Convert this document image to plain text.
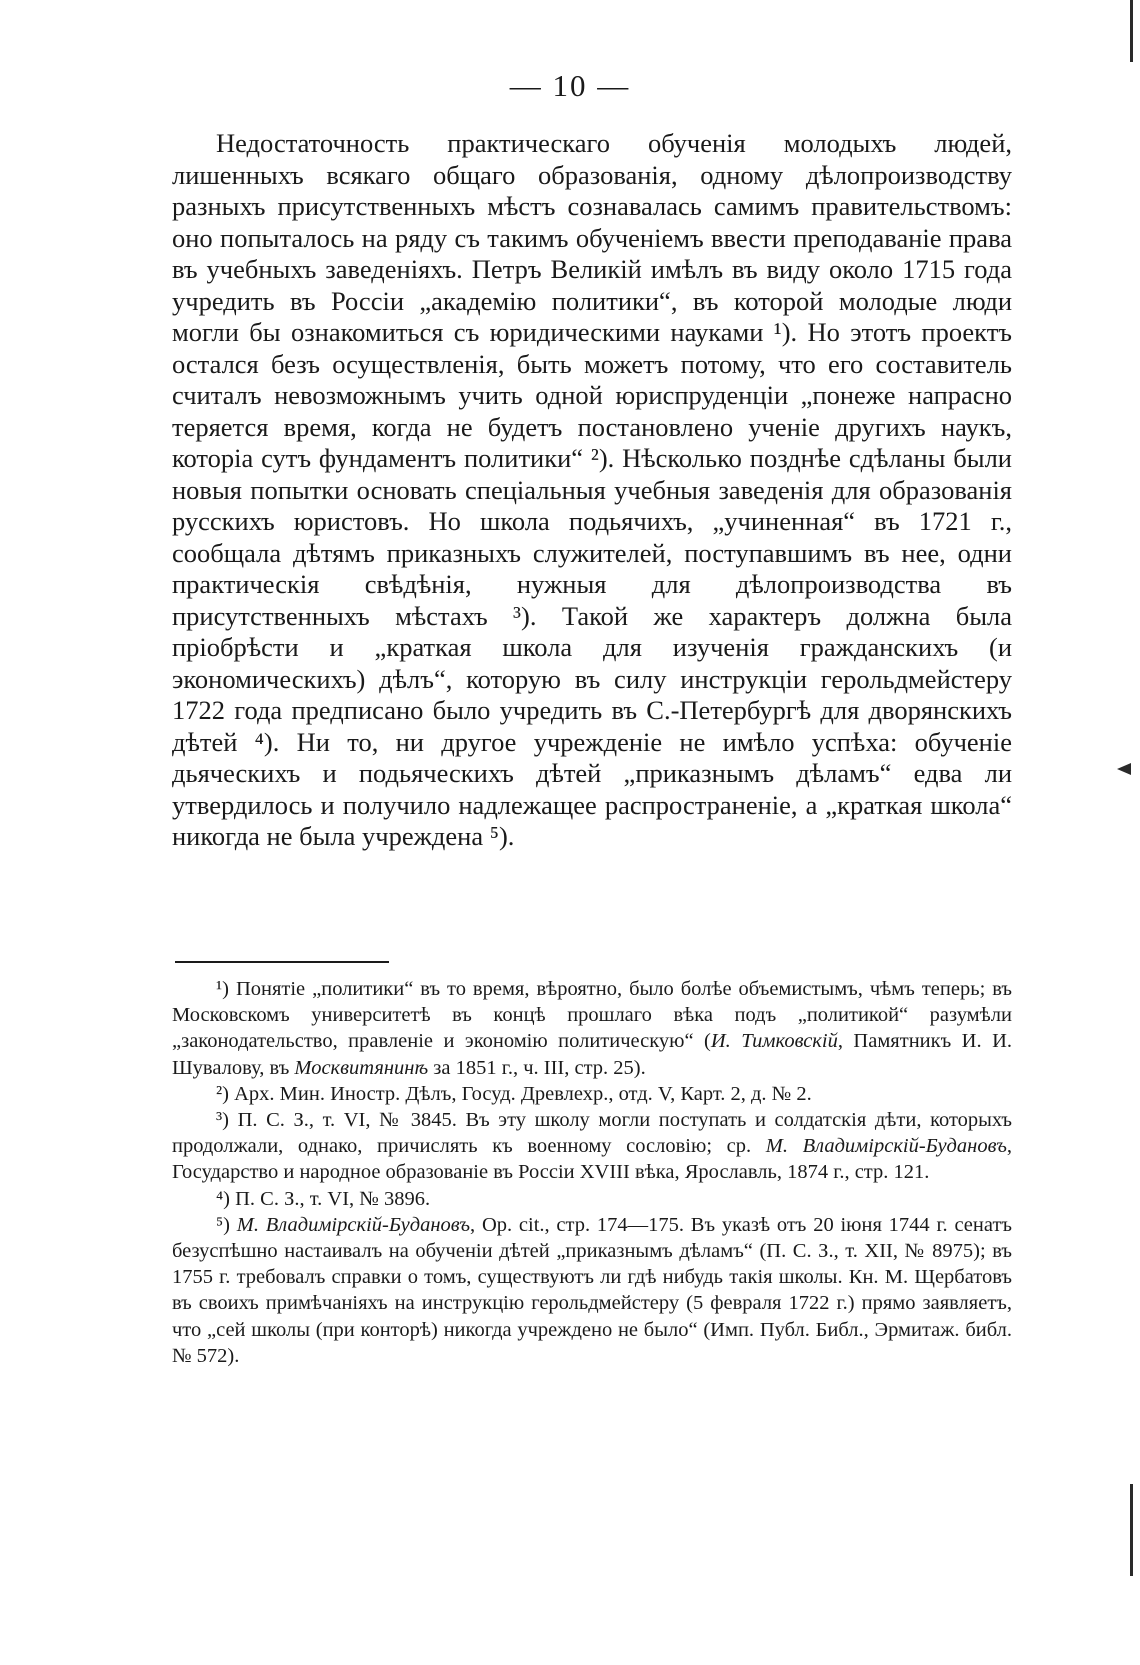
— 10 —

Недостаточность практическаго обученія молодыхъ людей, лишенныхъ всякаго общаго образованія, одному дѣлопроизводству разныхъ присутственныхъ мѣстъ сознавалась самимъ правительствомъ: оно попыталось на ряду съ такимъ обученіемъ ввести преподаваніе права въ учебныхъ заведеніяхъ. Петръ Великій имѣлъ въ виду около 1715 года учредить въ Россіи „академію политики“, въ которой молодые люди могли бы ознакомиться съ юридическими науками ¹). Но этотъ проектъ остался безъ осуществленія, быть можетъ потому, что его составитель считалъ невозможнымъ учить одной юриспруденціи „понеже напрасно теряется время, когда не будетъ постановлено ученіе другихъ наукъ, которіа сутъ фундаментъ политики“ ²). Нѣсколько позднѣе сдѣланы были новыя попытки основать спеціальныя учебныя заведенія для образованія русскихъ юристовъ. Но школа подьячихъ, „учиненная“ въ 1721 г., сообщала дѣтямъ приказныхъ служителей, поступавшимъ въ нее, одни практическія свѣдѣнія, нужныя для дѣлопроизводства въ присутственныхъ мѣстахъ ³). Такой же характеръ должна была пріобрѣсти и „краткая школа для изученія гражданскихъ (и экономическихъ) дѣлъ“, которую въ силу инструкціи герольдмейстеру 1722 года предписано было учредить въ С.-Петербургѣ для дворянскихъ дѣтей ⁴). Ни то, ни другое учрежденіе не имѣло успѣха: обученіе дьяческихъ и подьяческихъ дѣтей „приказнымъ дѣламъ“ едва ли утвердилось и получило надлежащее распространеніе, а „краткая школа“ никогда не была учреждена ⁵).

¹) Понятіе „политики“ въ то время, вѣроятно, было болѣе объемистымъ, чѣмъ теперь; въ Московскомъ университетѣ въ концѣ прошлаго вѣка подъ „политикой“ разумѣли „законодательство, правленіе и экономію политическую“ (И. Тимковскій, Памятникъ И. И. Шувалову, въ Москвитянинѣ за 1851 г., ч. III, стр. 25).

²) Арх. Мин. Иностр. Дѣлъ, Госуд. Древлехр., отд. V, Карт. 2, д. № 2.

³) П. С. З., т. VI, № 3845. Въ эту школу могли поступать и солдатскія дѣти, которыхъ продолжали, однако, причислять къ военному сословію; ср. М. Владимірскій-Будановъ, Государство и народное образованіе въ Россіи XVIII вѣка, Ярославль, 1874 г., стр. 121.

⁴) П. С. З., т. VI, № 3896.

⁵) М. Владимірскій-Будановъ, Op. cit., стр. 174—175. Въ указѣ отъ 20 іюня 1744 г. сенатъ безуспѣшно настаивалъ на обученіи дѣтей „приказнымъ дѣламъ“ (П. С. З., т. XII, № 8975); въ 1755 г. требовалъ справки о томъ, существуютъ ли гдѣ нибудь такія школы. Кн. М. Щербатовъ въ своихъ примѣчаніяхъ на инструкцію герольдмейстеру (5 февраля 1722 г.) прямо заявляетъ, что „сей школы (при конторѣ) никогда учреждено не было“ (Имп. Публ. Библ., Эрмитаж. библ. № 572).
